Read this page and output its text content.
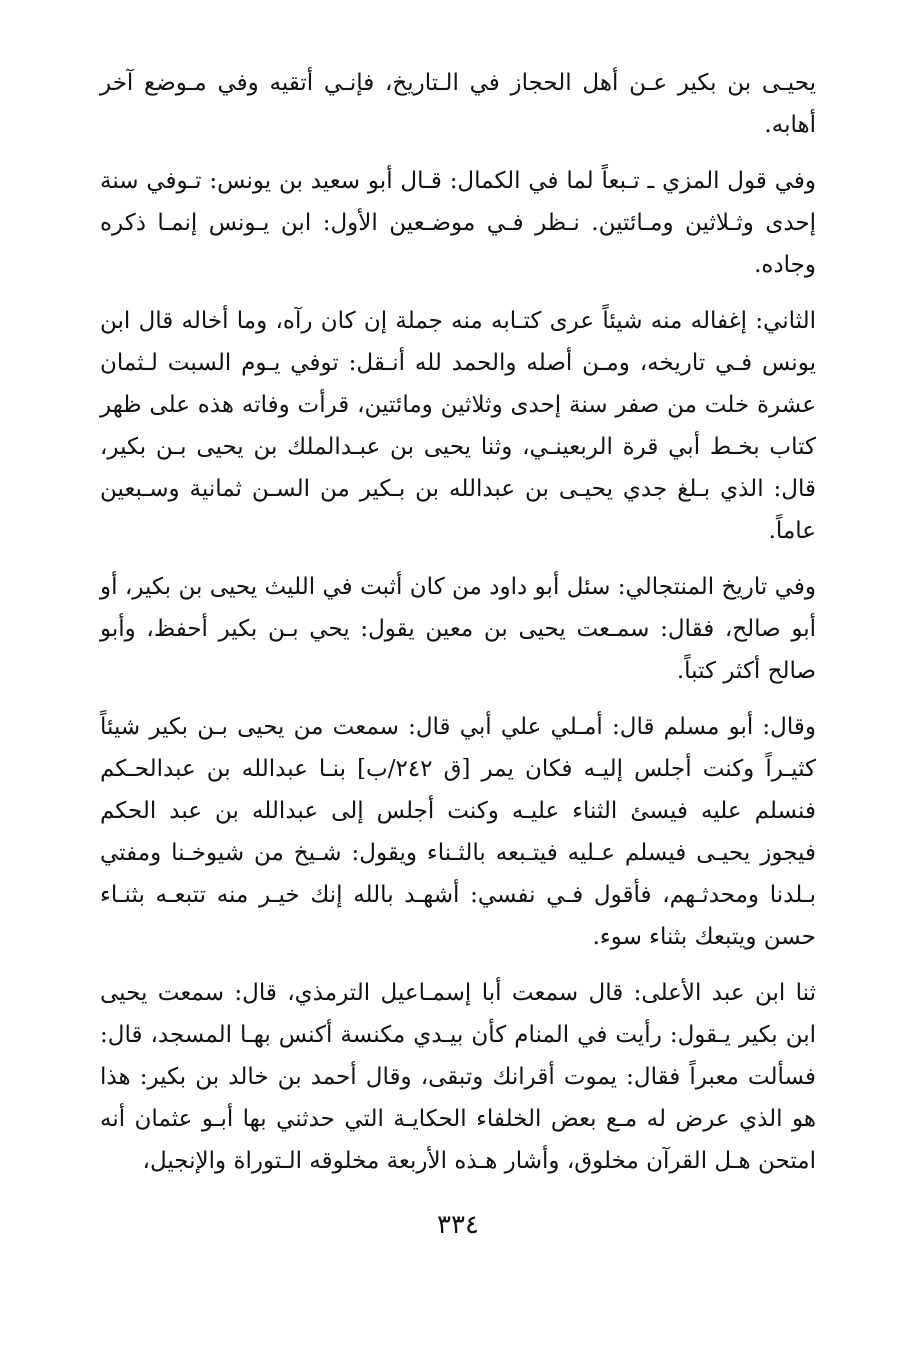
يحيـى بن بكير عـن أهل الحجاز في الـتاريخ، فإنـي أتقيه وفي مـوضع آخر أهابه.

وفي قول المزي ـ تـبعاً لما في الكمال: قـال أبو سعيد بن يونس: تـوفي سنة إحدى وثـلاثين ومـائتين. نـظر فـي موضـعين الأول: ابن يـونس إنمـا ذكره وجاده.

الثاني: إغفاله منه شيئاً عرى كتـابه منه جملة إن كان رآه، وما أخاله قال ابن يونس فـي تاريخه، ومـن أصله والحمد لله أنـقل: توفي يـوم السبت لـثمان عشرة خلت من صفر سنة إحدى وثلاثين ومائتين، قرأت وفاته هذه على ظهر كتاب بخـط أبي قرة الربعينـي، وثنا يحيى بن عبـدالملك بن يحيى بـن بكير، قال: الذي بـلغ جدي يحيـى بن عبدالله بن بـكير من السـن ثمانية وسـبعين عاماً.

وفي تاريخ المنتجالي: سئل أبو داود من كان أثبت في الليث يحيى بن بكير، أو أبو صالح، فقال: سمـعت يحيى بن معين يقول: يحي بـن بكير أحفظ، وأبو صالح أكثر كتباً.

وقال: أبو مسلم قال: أمـلي علي أبي قال: سمعت من يحيى بـن بكير شيئاً كثيـراً وكنت أجلس إليـه فكان يمر [ق ٢٤٢/ب] بنـا عبدالله بن عبدالحـكم فنسلم عليه فيسئ الثناء عليـه وكنت أجلس إلى عبدالله بن عبد الحكم فيجوز يحيـى فيسلم عـليه فيتـبعه بالثـناء ويقول: شـيخ من شيوخـنا ومفتي بـلدنا ومحدثـهم، فأقول فـي نفسي: أشهـد بالله إنك خيـر منه تتبعـه بثنـاء حسن ويتبعك بثناء سوء.

ثنا ابن عبد الأعلى: قال سمعت أبا إسمـاعيل الترمذي، قال: سمعت يحيى ابن بكير يـقول: رأيت في المنام كأن بيـدي مكنسة أكنس بهـا المسجد، قال: فسألت معبراً فقال: يموت أقرانك وتبقى، وقال أحمد بن خالد بن بكير: هذا هو الذي عرض له مـع بعض الخلفاء الحكايـة التي حدثني بها أبـو عثمان أنه امتحن هـل القرآن مخلوق، وأشار هـذه الأربعة مخلوقه الـتوراة والإنجيل،

٣٣٤
